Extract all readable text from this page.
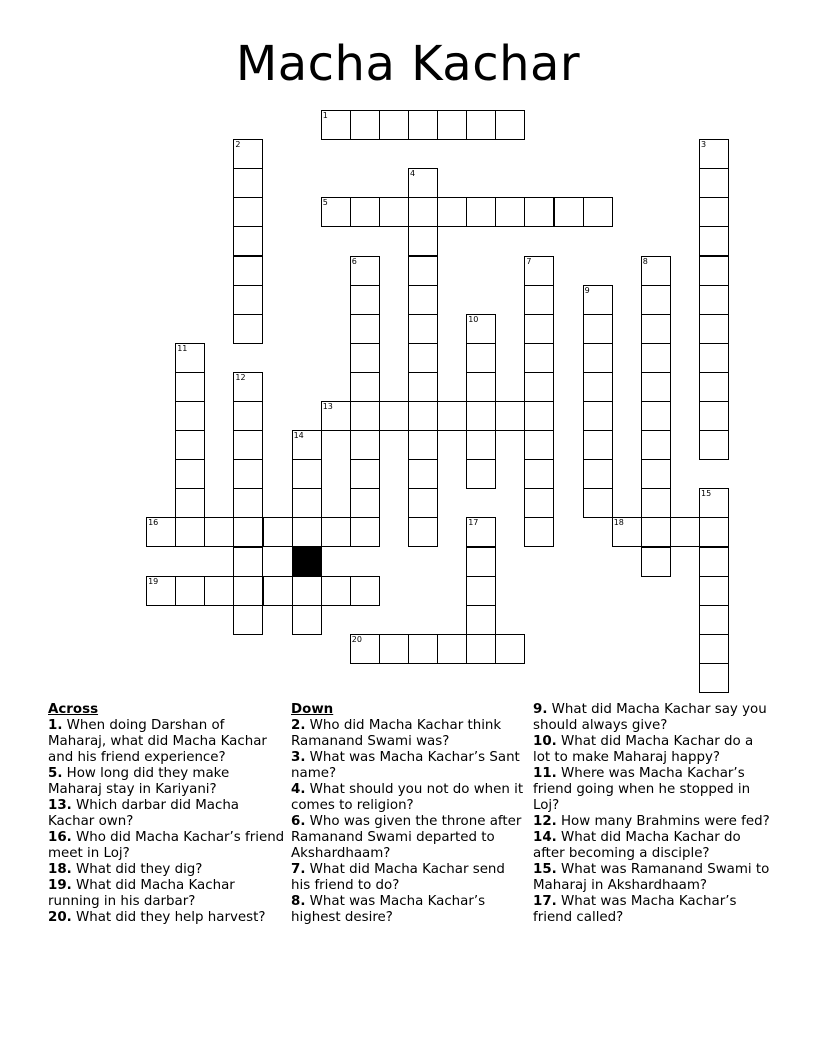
Macha Kachar
1
2	3
4
5
6	7	8
9
10
11
12
13
14
15
16	17	18
19
20
Across
1. When doing Darshan of Maharaj, what did Macha Kachar and his friend experience?
5. How long did they make Maharaj stay in Kariyani?
13. Which darbar did Macha Kachar own?
16. Who did Macha Kachar’s friend meet in Loj?
18. What did they dig?
19. What did Macha Kachar running in his darbar?
20. What did they help harvest?
Down
2. Who did Macha Kachar think Ramanand Swami was?
3. What was Macha Kachar’s Sant name?
4. What should you not do when it comes to religion?
6. Who was given the throne after Ramanand Swami departed to Akshardhaam?
7. What did Macha Kachar send his friend to do?
8. What was Macha Kachar’s highest desire?
9. What did Macha Kachar say you should always give?
10. What did Macha Kachar do a lot to make Maharaj happy?
11. Where was Macha Kachar’s friend going when he stopped in Loj?
12. How many Brahmins were fed?
14. What did Macha Kachar do after becoming a disciple?
15. What was Ramanand Swami to Maharaj in Akshardhaam?
17. What was Macha Kachar’s friend called?
